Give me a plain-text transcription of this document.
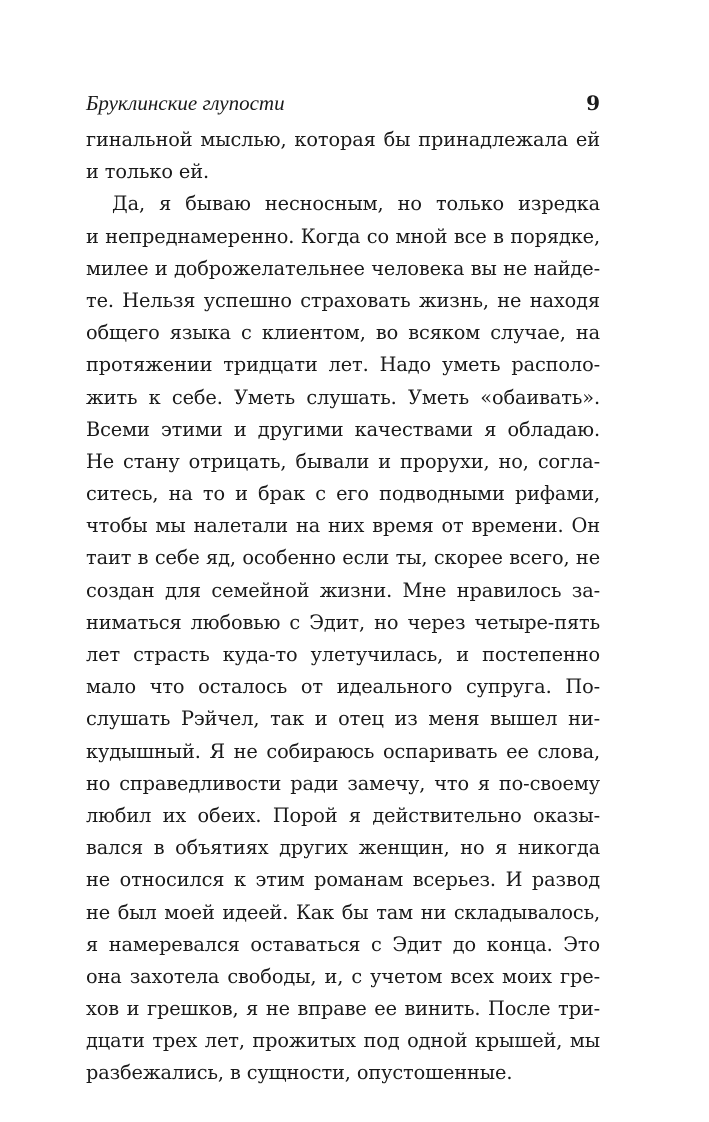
Бруклинские глупости	9
гинальной мыслью, которая бы принадлежала ей
и только ей.
Да, я бываю несносным, но только изредка
и непреднамеренно. Когда со мной все в порядке,
милее и доброжелательнее человека вы не найде-
те. Нельзя успешно страховать жизнь, не находя
общего языка с клиентом, во всяком случае, на
протяжении тридцати лет. Надо уметь располо-
жить к себе. Уметь слушать. Уметь «обаивать».
Всеми этими и другими качествами я обладаю.
Не стану отрицать, бывали и прорухи, но, согла-
ситесь, на то и брак с его подводными рифами,
чтобы мы налетали на них время от времени. Он
таит в себе яд, особенно если ты, скорее всего, не
создан для семейной жизни. Мне нравилось за-
ниматься любовью с Эдит, но через четыре-пять
лет страсть куда-то улетучилась, и постепенно
мало что осталось от идеального супруга. По-
слушать Рэйчел, так и отец из меня вышел ни-
кудышный. Я не собираюсь оспаривать ее слова,
но справедливости ради замечу, что я по-своему
любил их обеих. Порой я действительно оказы-
вался в объятиях других женщин, но я никогда
не относился к этим романам всерьез. И развод
не был моей идеей. Как бы там ни складывалось,
я намеревался оставаться с Эдит до конца. Это
она захотела свободы, и, с учетом всех моих гре-
хов и грешков, я не вправе ее винить. После три-
дцати трех лет, прожитых под одной крышей, мы
разбежались, в сущности, опустошенные.
